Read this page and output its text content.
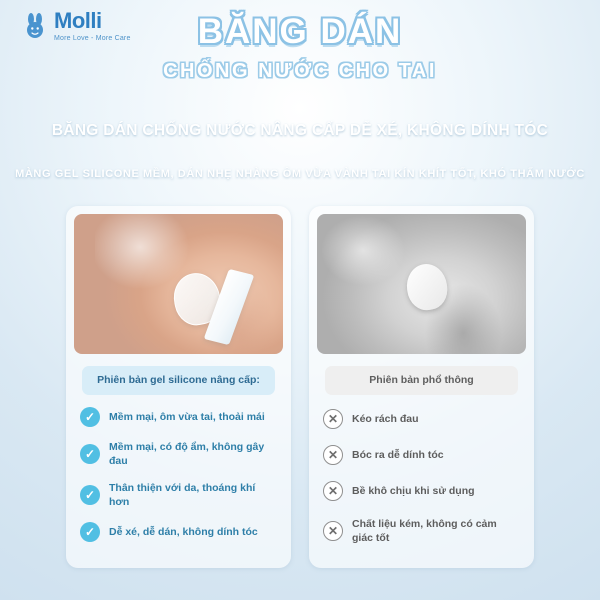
Molli
More Love - More Care	BĂNG DÁN
CHỐNG NƯỚC CHO TAI
BĂNG DÁN CHỐNG NƯỚC NÂNG CẤP DỄ XÉ, KHÔNG DÍNH TÓC
MÀNG GEL SILICONE MỀM, DÁN NHẸ NHÀNG ÔM VỪA VÀNH TAI KÍN KHÍT TỐT, KHÓ THẤM NƯỚC
Phiên bản gel silicone nâng cấp:
✓	Mềm mại, ôm vừa tai, thoải mái
✓
Mềm mại, có độ ẩm, không gây đau
✓
Thân thiện với da, thoáng khí hơn
✓	Dễ xé, dễ dán, không dính tóc
Phiên bản phổ thông
✕	Kéo rách đau
✕	Bóc ra dễ dính tóc
✕	Bề khô chịu khi sử dụng
✕
Chất liệu kém, không có cảm giác tốt
